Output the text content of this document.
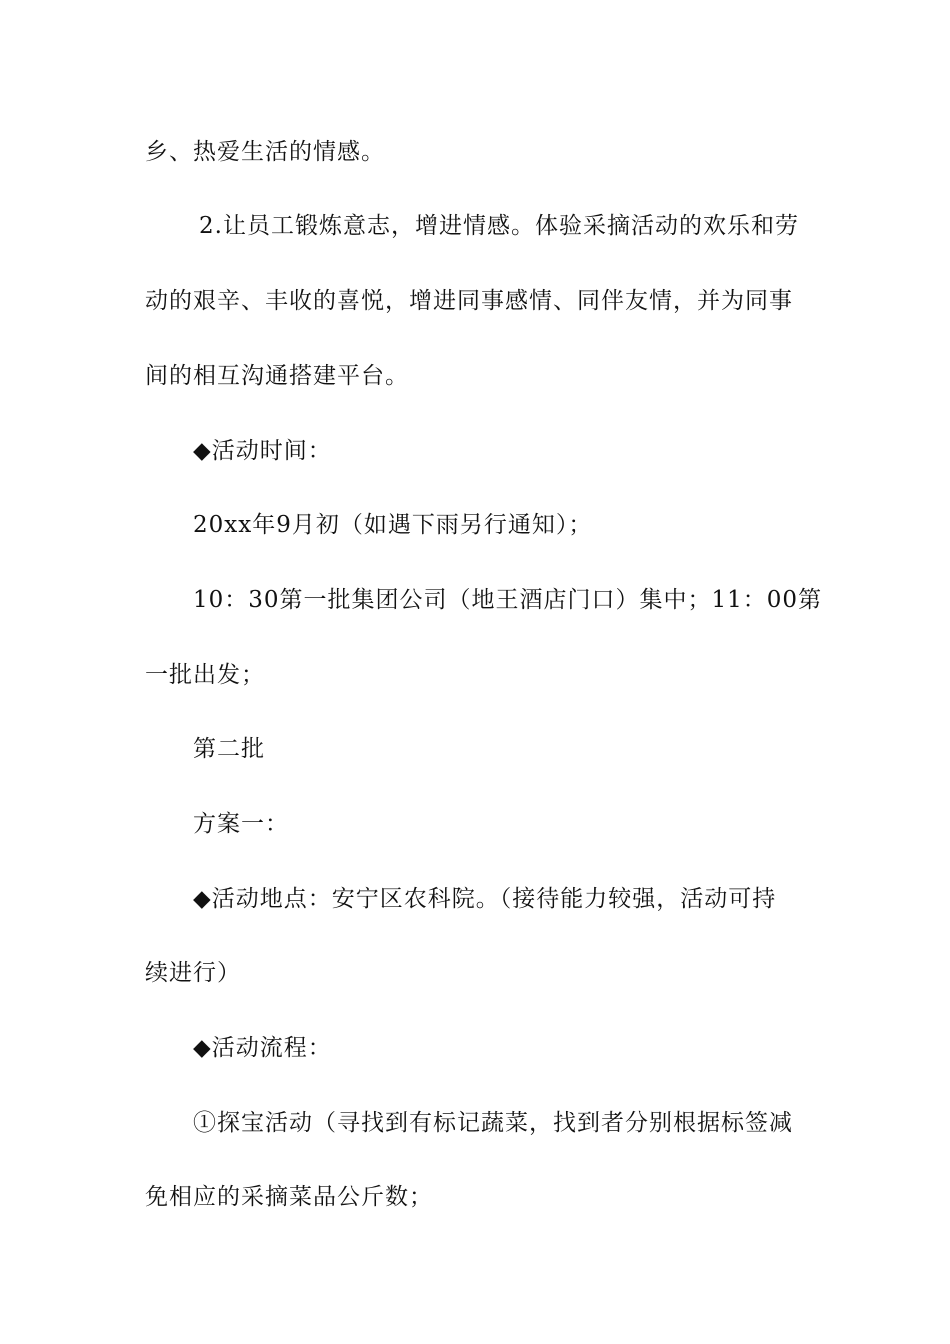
乡、热爱生活的情感。

2.让员工锻炼意志，增进情感。体验采摘活动的欢乐和劳

动的艰辛、丰收的喜悦，增进同事感情、同伴友情，并为同事

间的相互沟通搭建平台。

◆活动时间：

20xx年9月初（如遇下雨另行通知）；

10：30第一批集团公司（地王酒店门口）集中；11：00第

一批出发；

第二批

方案一：

◆活动地点：安宁区农科院。（接待能力较强，活动可持

续进行）

◆活动流程：

①探宝活动（寻找到有标记蔬菜，找到者分别根据标签减

免相应的采摘菜品公斤数；
